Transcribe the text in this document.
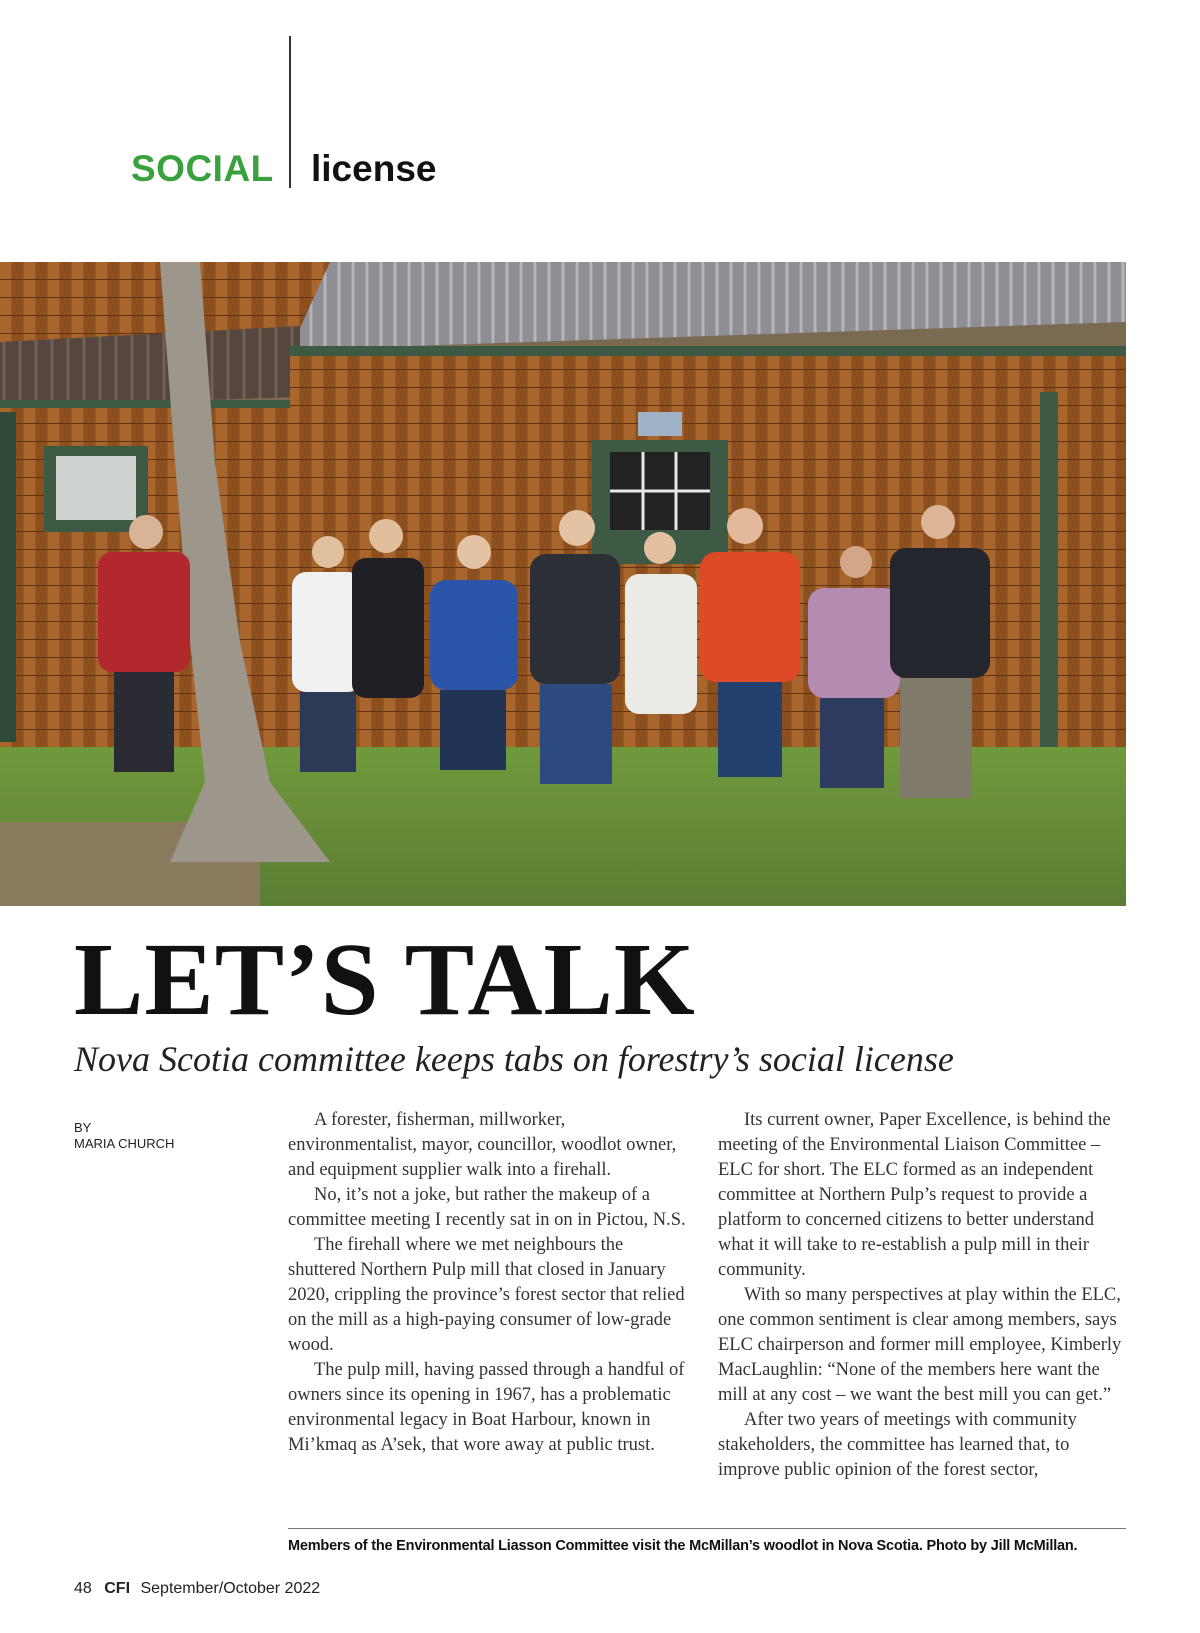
SOCIAL license
LET’S TALK
Nova Scotia committee keeps tabs on forestry’s social license
BY
MARIA CHURCH

A forester, fisherman, millworker, environmentalist, mayor, councillor, woodlot owner, and equipment supplier walk into a firehall.

No, it’s not a joke, but rather the makeup of a committee meeting I recently sat in on in Pictou, N.S.

The firehall where we met neighbours the shuttered Northern Pulp mill that closed in January 2020, crippling the province’s forest sector that relied on the mill as a high-paying consumer of low-grade wood.

The pulp mill, having passed through a handful of owners since its opening in 1967, has a problematic environmental legacy in Boat Harbour, known in Mi’kmaq as A’sek, that wore away at public trust.

Its current owner, Paper Excellence, is behind the meeting of the Environmental Liaison Committee – ELC for short. The ELC formed as an independent committee at Northern Pulp’s request to provide a platform to concerned citizens to better understand what it will take to re-establish a pulp mill in their community.

With so many perspectives at play within the ELC, one common sentiment is clear among members, says ELC chairperson and former mill employee, Kimberly MacLaughlin: “None of the members here want the mill at any cost – we want the best mill you can get.”

After two years of meetings with community stakeholders, the committee has learned that, to improve public opinion of the forest sector,

Members of the Environmental Liasson Committee visit the McMillan’s woodlot in Nova Scotia. Photo by Jill McMillan.
48 CFI September/October 2022
